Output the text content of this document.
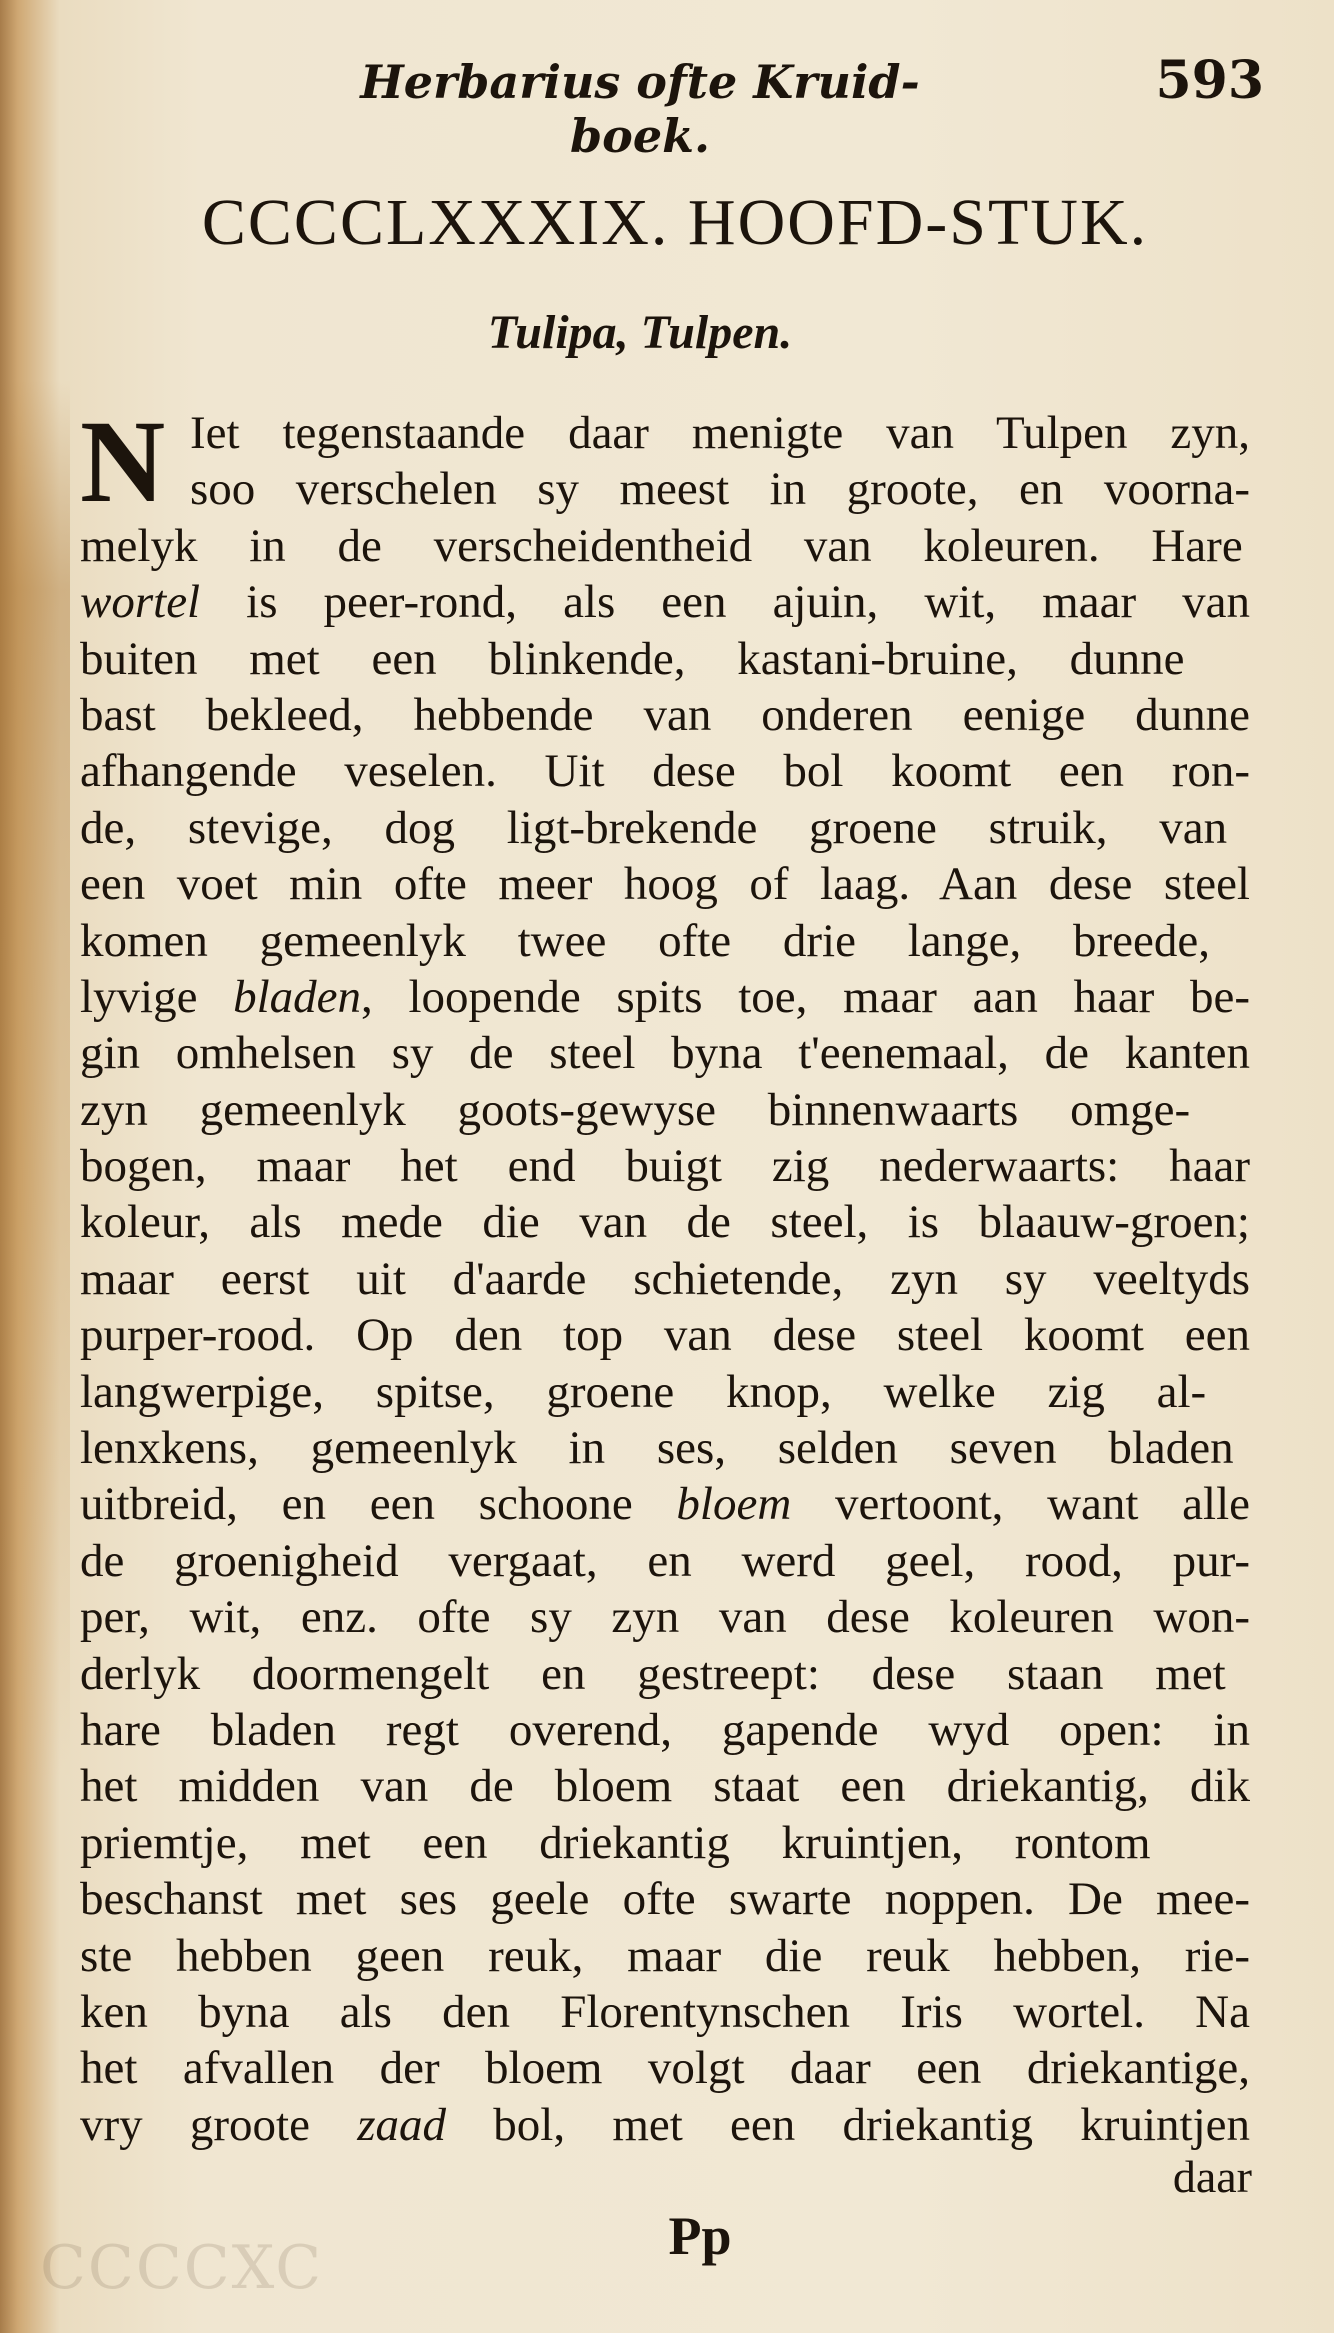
CCCCXC
Herbarius ofte Kruid-boek.
593
CCCCLXXXIX. HOOFD-STUK.
Tulipa, Tulpen.
N Iet tegenstaande daar menigte van Tulpen zyn,
soo verschelen sy meest in groote, en voorna-
melyk in de verscheidentheid van koleuren. Hare
wortel is peer-rond, als een ajuin, wit, maar van
buiten met een blinkende, kastani-bruine, dunne
bast bekleed, hebbende van onderen eenige dunne
afhangende veselen. Uit dese bol koomt een ron-
de, stevige, dog ligt-brekende groene struik, van
een voet min ofte meer hoog of laag. Aan dese steel
komen gemeenlyk twee ofte drie lange, breede,
lyvige bladen, loopende spits toe, maar aan haar be-
gin omhelsen sy de steel byna t'eenemaal, de kanten
zyn gemeenlyk goots-gewyse binnenwaarts omge-
bogen, maar het end buigt zig nederwaarts: haar
koleur, als mede die van de steel, is blaauw-groen;
maar eerst uit d'aarde schietende, zyn sy veeltyds
purper-rood. Op den top van dese steel koomt een
langwerpige, spitse, groene knop, welke zig al-
lenxkens, gemeenlyk in ses, selden seven bladen
uitbreid, en een schoone bloem vertoont, want alle
de groenigheid vergaat, en werd geel, rood, pur-
per, wit, enz. ofte sy zyn van dese koleuren won-
derlyk doormengelt en gestreept: dese staan met
hare bladen regt overend, gapende wyd open: in
het midden van de bloem staat een driekantig, dik
priemtje, met een driekantig kruintjen, rontom
beschanst met ses geele ofte swarte noppen. De mee-
ste hebben geen reuk, maar die reuk hebben, rie-
ken byna als den Florentynschen Iris wortel. Na
het afvallen der bloem volgt daar een driekantige,
vry groote zaad bol, met een driekantig kruintjen
daar
Pp
